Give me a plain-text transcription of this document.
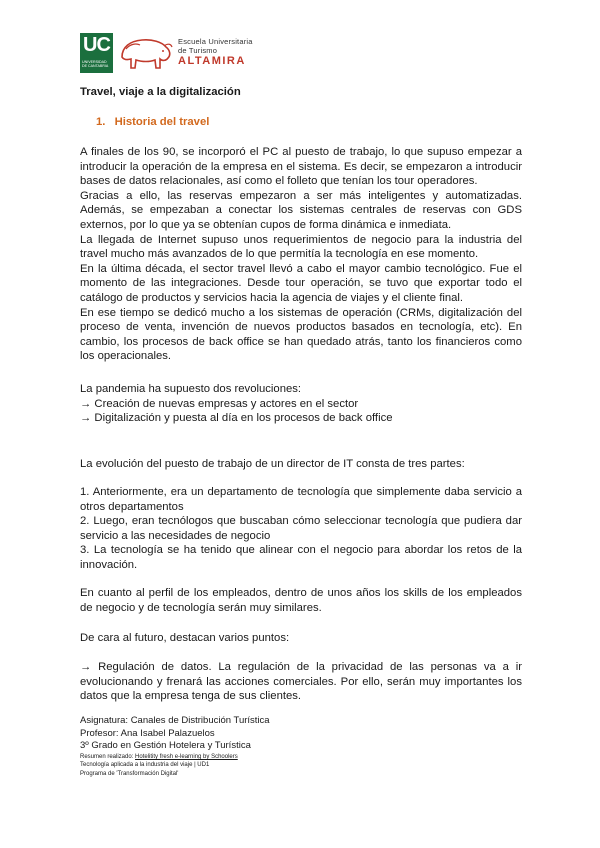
UC
UNIVERSIDAD DE CANTABRIA
Escuela Universitaria
de Turismo
ALTAMIRA
Travel, viaje a la digitalización
1. Historia del travel

A finales de los 90, se incorporó el PC al puesto de trabajo, lo que supuso empezar a introducir la operación de la empresa en el sistema. Es decir, se empezaron a introducir bases de datos relacionales, así como el folleto que tenían los tour operadores.

Gracias a ello, las reservas empezaron a ser más inteligentes y automatizadas. Además, se empezaban a conectar los sistemas centrales de reservas con GDS externos, por lo que ya se obtenían cupos de forma dinámica e inmediata.

La llegada de Internet supuso unos requerimientos de negocio para la industria del travel mucho más avanzados de lo que permitía la tecnología en ese momento.

En la última década, el sector travel llevó a cabo el mayor cambio tecnológico. Fue el momento de las integraciones. Desde tour operación, se tuvo que exportar todo el catálogo de productos y servicios hacia la agencia de viajes y el cliente final.

En ese tiempo se dedicó mucho a los sistemas de operación (CRMs, digitalización del proceso de venta, invención de nuevos productos basados en tecnología, etc). En cambio, los procesos de back office se han quedado atrás, tanto los financieros como los operacionales.

La pandemia ha supuesto dos revoluciones:

→ Creación de nuevas empresas y actores en el sector

→ Digitalización y puesta al día en los procesos de back office

La evolución del puesto de trabajo de un director de IT consta de tres partes:

1. Anteriormente, era un departamento de tecnología que simplemente daba servicio a otros departamentos

2. Luego, eran tecnólogos que buscaban cómo seleccionar tecnología que pudiera dar servicio a las necesidades de negocio

3. La tecnología se ha tenido que alinear con el negocio para abordar los retos de la innovación.

En cuanto al perfil de los empleados, dentro de unos años los skills de los empleados de negocio y de tecnología serán muy similares.

De cara al futuro, destacan varios puntos:

→ Regulación de datos. La regulación de la privacidad de las personas va a ir evolucionando y frenará las acciones comerciales. Por ello, serán muy importantes los datos que la empresa tenga de sus clientes.

Asignatura: Canales de Distribución Turística
Profesor: Ana Isabel Palazuelos
3º Grado en Gestión Hotelera y Turística
Resumen realizado: Hotelitity fresh e-learning by Schoolers
Tecnología aplicada a la industria del viaje | UD1
Programa de 'Transformación Digital'
